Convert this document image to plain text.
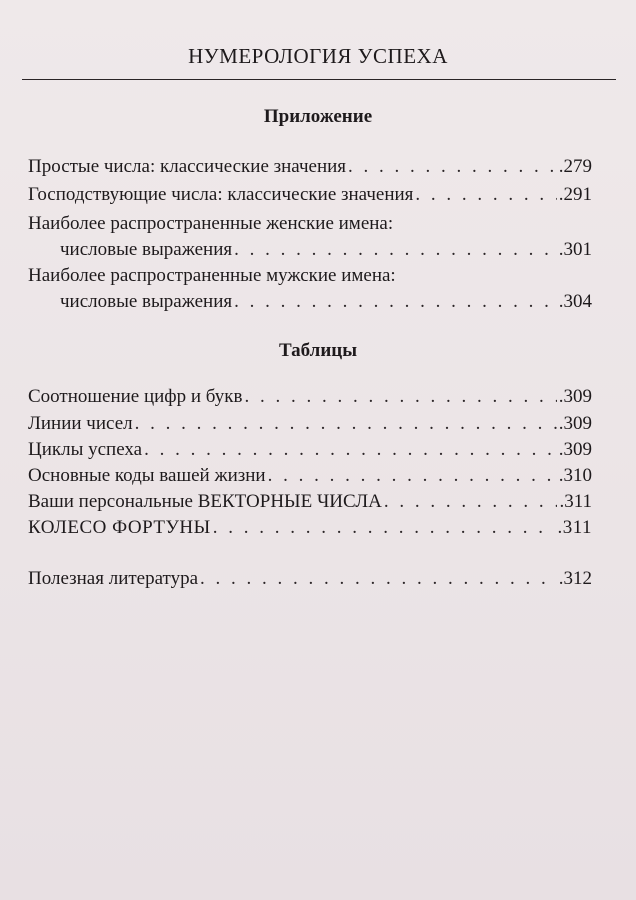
НУМЕРОЛОГИЯ УСПЕХА
Приложение
Простые числа: классические значения . . .	.279
Господствующие числа: классические значения . . .	.291
Наиболее распространенные женские имена:
числовые выражения . . .	.301
Наиболее распространенные мужские имена:
числовые выражения . . .	.304
Таблицы
Соотношение цифр и букв . . .	.309
Линии чисел . . .	.309
Циклы успеха . . .	.309
Основные коды вашей жизни . . .	.310
Ваши персональные ВЕКТОРНЫЕ ЧИСЛА . . .	.311
КОЛЕСО ФОРТУНЫ . . .	.311
Полезная литература . . .	.312
